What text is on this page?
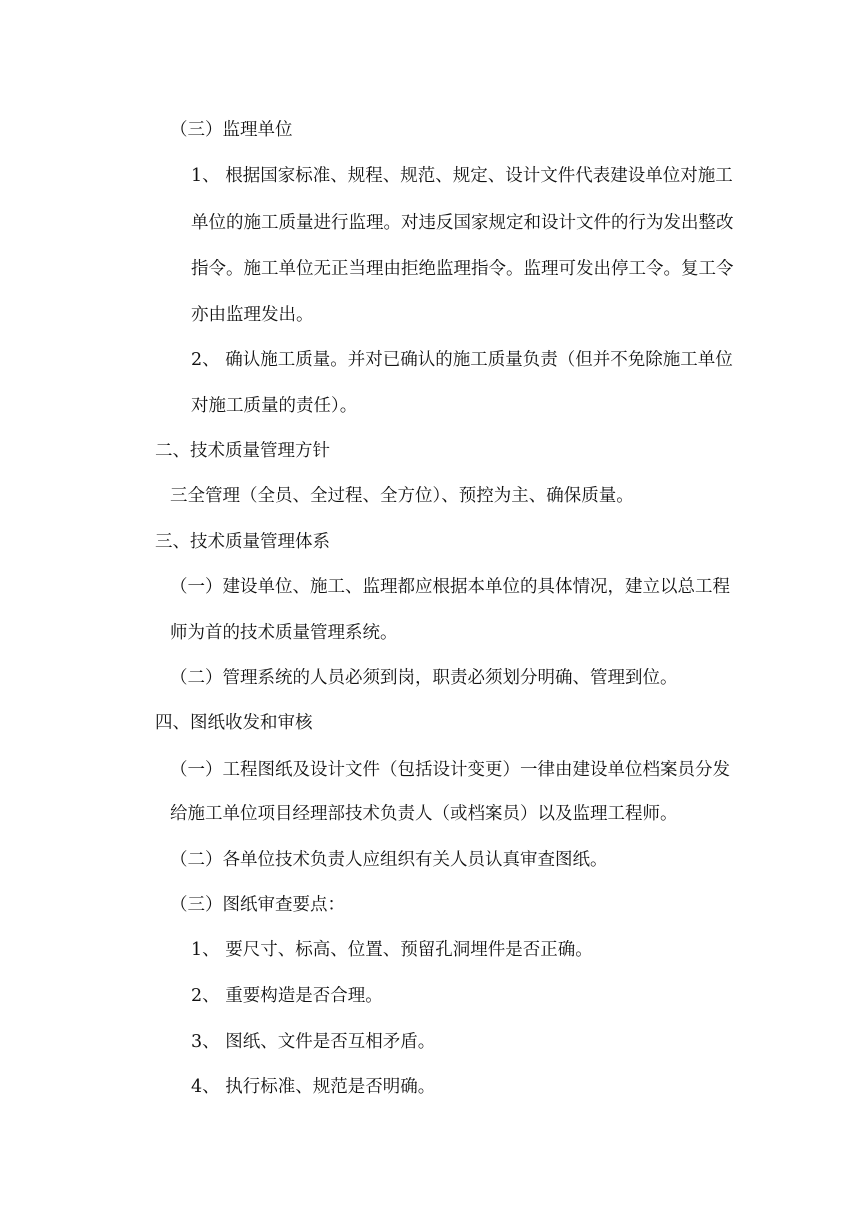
（三）监理单位
1、 根据国家标准、规程、规范、规定、设计文件代表建设单位对施工
单位的施工质量进行监理。对违反国家规定和设计文件的行为发出整改
指令。施工单位无正当理由拒绝监理指令。监理可发出停工令。复工令
亦由监理发出。
2、 确认施工质量。并对已确认的施工质量负责（但并不免除施工单位
对施工质量的责任）。
二、技术质量管理方针
三全管理（全员、全过程、全方位）、预控为主、确保质量。
三、技术质量管理体系
（一）建设单位、施工、监理都应根据本单位的具体情况，建立以总工程
师为首的技术质量管理系统。
（二）管理系统的人员必须到岗，职责必须划分明确、管理到位。
四、图纸收发和审核
（一）工程图纸及设计文件（包括设计变更）一律由建设单位档案员分发
给施工单位项目经理部技术负责人（或档案员）以及监理工程师。
（二）各单位技术负责人应组织有关人员认真审查图纸。
（三）图纸审查要点：
1、 要尺寸、标高、位置、预留孔洞埋件是否正确。
2、 重要构造是否合理。
3、 图纸、文件是否互相矛盾。
4、 执行标准、规范是否明确。
